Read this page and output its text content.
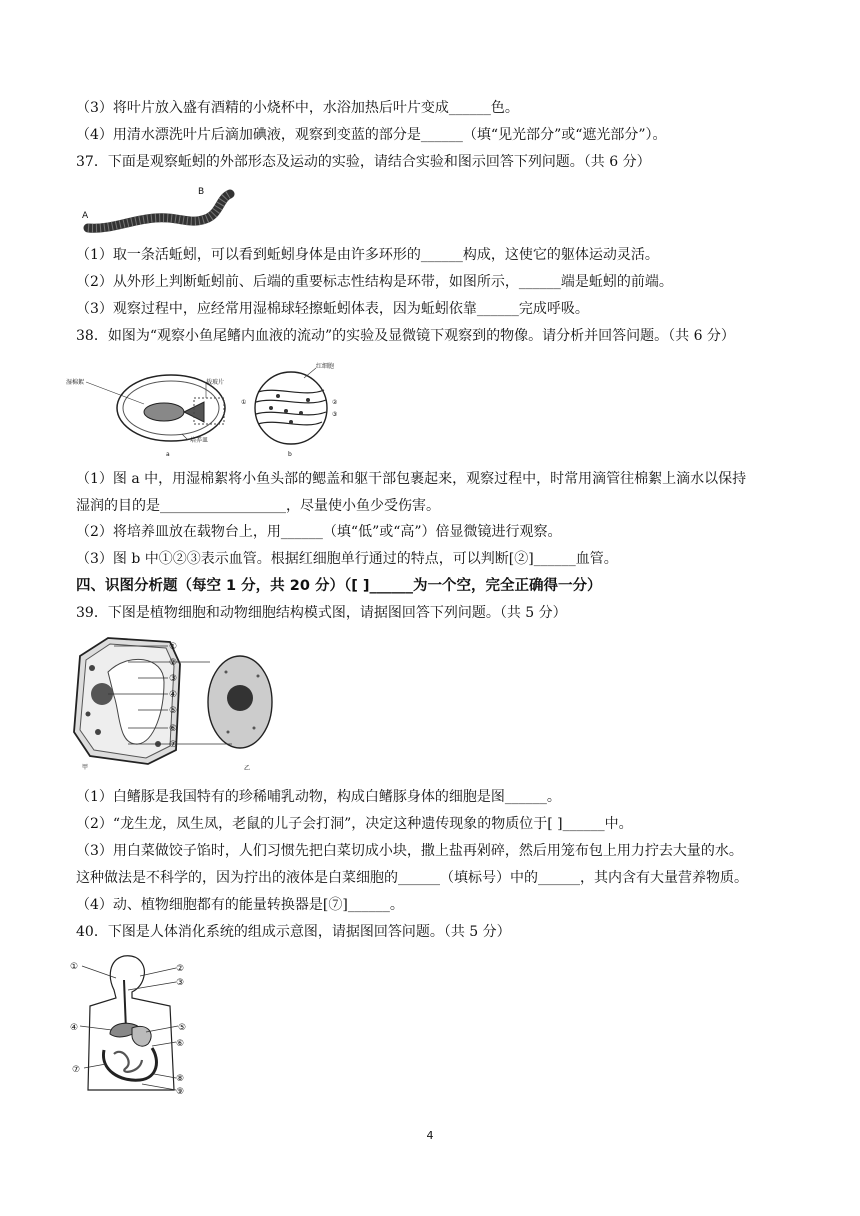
（3）将叶片放入盛有酒精的小烧杯中，水浴加热后叶片变成______色。
（4）用清水漂洗叶片后滴加碘液，观察到变蓝的部分是______（填“见光部分”或“遮光部分”）。
37．下面是观察蚯蚓的外部形态及运动的实验，请结合实验和图示回答下列问题。（共 6 分）
A
B
（1）取一条活蚯蚓，可以看到蚯蚓身体是由许多环形的______构成，这使它的躯体运动灵活。
（2）从外形上判断蚯蚓前、后端的重要标志性结构是环带，如图所示，______端是蚯蚓的前端。
（3）观察过程中，应经常用湿棉球轻擦蚯蚓体表，因为蚯蚓依靠______完成呼吸。
38．如图为“观察小鱼尾鳍内血液的流动”的实验及显微镜下观察到的物像。请分析并回答问题。（共 6 分）
湿棉絮	载玻片
培养皿
a
红细胞
①	②
③
b
（1）图 a 中，用湿棉絮将小鱼头部的鳃盖和躯干部包裹起来，观察过程中，时常用滴管往棉絮上滴水以保持
湿润的目的是__________________，尽量使小鱼少受伤害。
（2）将培养皿放在载物台上，用______（填“低”或“高”）倍显微镜进行观察。
（3）图 b 中①②③表示血管。根据红细胞单行通过的特点，可以判断[②]______血管。
四、识图分析题（每空 1 分，共 20 分）（[ ]______为一个空，完全正确得一分）
39．下图是植物细胞和动物细胞结构模式图，请据图回答下列问题。（共 5 分）
①
②
③
④
⑤
⑥
⑦
甲	乙
（1）白鳍豚是我国特有的珍稀哺乳动物，构成白鳍豚身体的细胞是图______。
（2）“龙生龙，凤生凤，老鼠的儿子会打洞”，决定这种遗传现象的物质位于[ ]______中。
（3）用白菜做饺子馅时，人们习惯先把白菜切成小块，撒上盐再剁碎，然后用笼布包上用力拧去大量的水。
这种做法是不科学的，因为拧出的液体是白菜细胞的______（填标号）中的______，其内含有大量营养物质。
（4）动、植物细胞都有的能量转换器是[⑦]______。
40．下图是人体消化系统的组成示意图，请据图回答问题。（共 5 分）
①	②
③
④	⑤
⑥
⑦
⑧
⑨
4
